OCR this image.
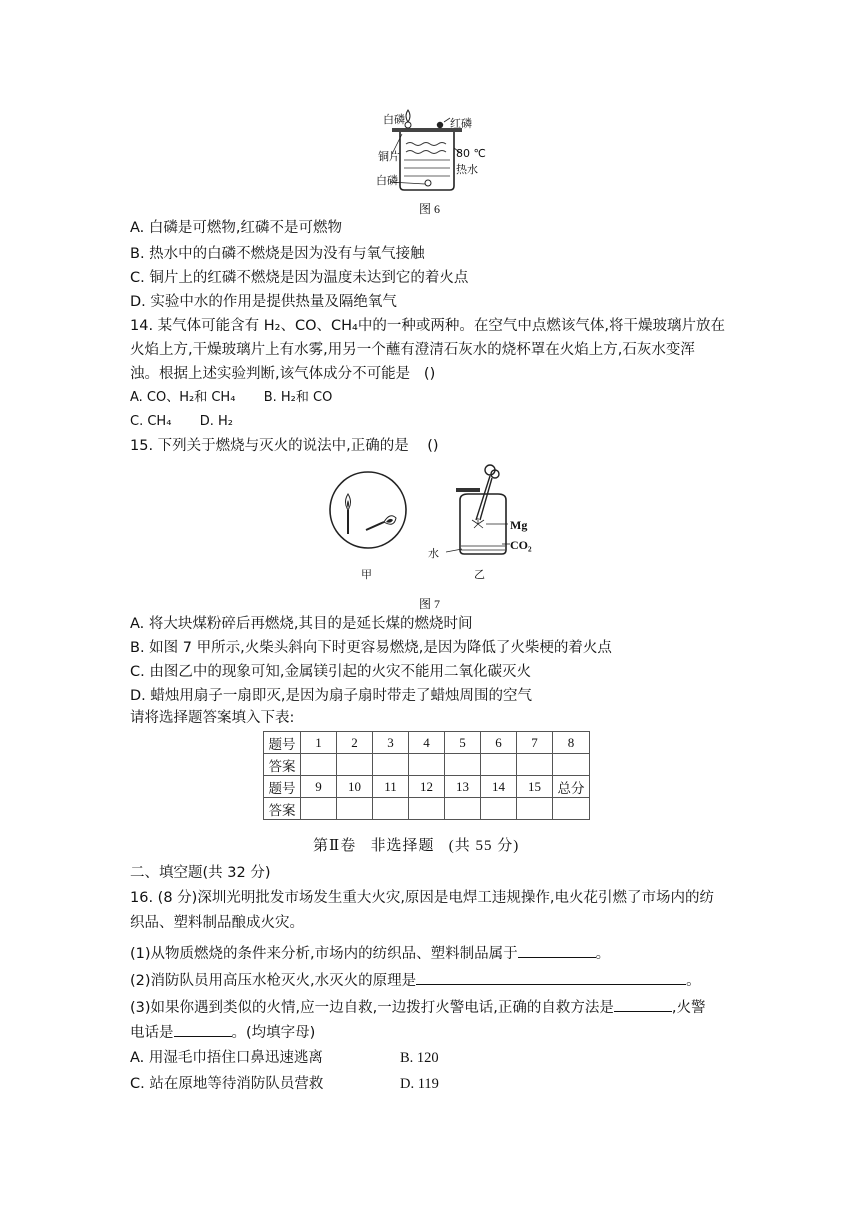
白磷	红磷
铜片	80 ℃
热水
白磷
图 6
A. 白磷是可燃物,红磷不是可燃物
B. 热水中的白磷不燃烧是因为没有与氧气接触
C. 铜片上的红磷不燃烧是因为温度未达到它的着火点
D. 实验中水的作用是提供热量及隔绝氧气
14. 某气体可能含有 H₂、CO、CH₄中的一种或两种。在空气中点燃该气体,将干燥玻璃片放在
火焰上方,干燥玻璃片上有水雾,用另一个蘸有澄清石灰水的烧杯罩在火焰上方,石灰水变浑
浊。根据上述实验判断,该气体成分不可能是   ()
A. CO、H₂和 CH₄ B. H₂和 CO
C. CH₄ D. H₂
15. 下列关于燃烧与灭火的说法中,正确的是    ()
甲
Mg
CO₂
水
乙
图 7
A. 将大块煤粉碎后再燃烧,其目的是延长煤的燃烧时间
B. 如图 7 甲所示,火柴头斜向下时更容易燃烧,是因为降低了火柴梗的着火点
C. 由图乙中的现象可知,金属镁引起的火灾不能用二氧化碳灭火
D. 蜡烛用扇子一扇即灭,是因为扇子扇时带走了蜡烛周围的空气
请将选择题答案填入下表:
题号	1	2	3	4	5	6	7	8
答案								
题号	9	10	11	12	13	14	15	总分
答案								
第Ⅱ卷   非选择题   (共 55 分)
二、填空题(共 32 分)
16. (8 分)深圳光明批发市场发生重大火灾,原因是电焊工违规操作,电火花引燃了市场内的纺
织品、塑料制品酿成火灾。
(1)从物质燃烧的条件来分析,市场内的纺织品、塑料制品属于	。
(2)消防队员用高压水枪灭火,水灭火的原理是	。
(3)如果你遇到类似的火情,应一边自救,一边拨打火警电话,正确的自救方法是	,火警
电话是	。(均填字母)
A. 用湿毛巾捂住口鼻迅速逃离	B. 120
C. 站在原地等待消防队员营救	D. 119
